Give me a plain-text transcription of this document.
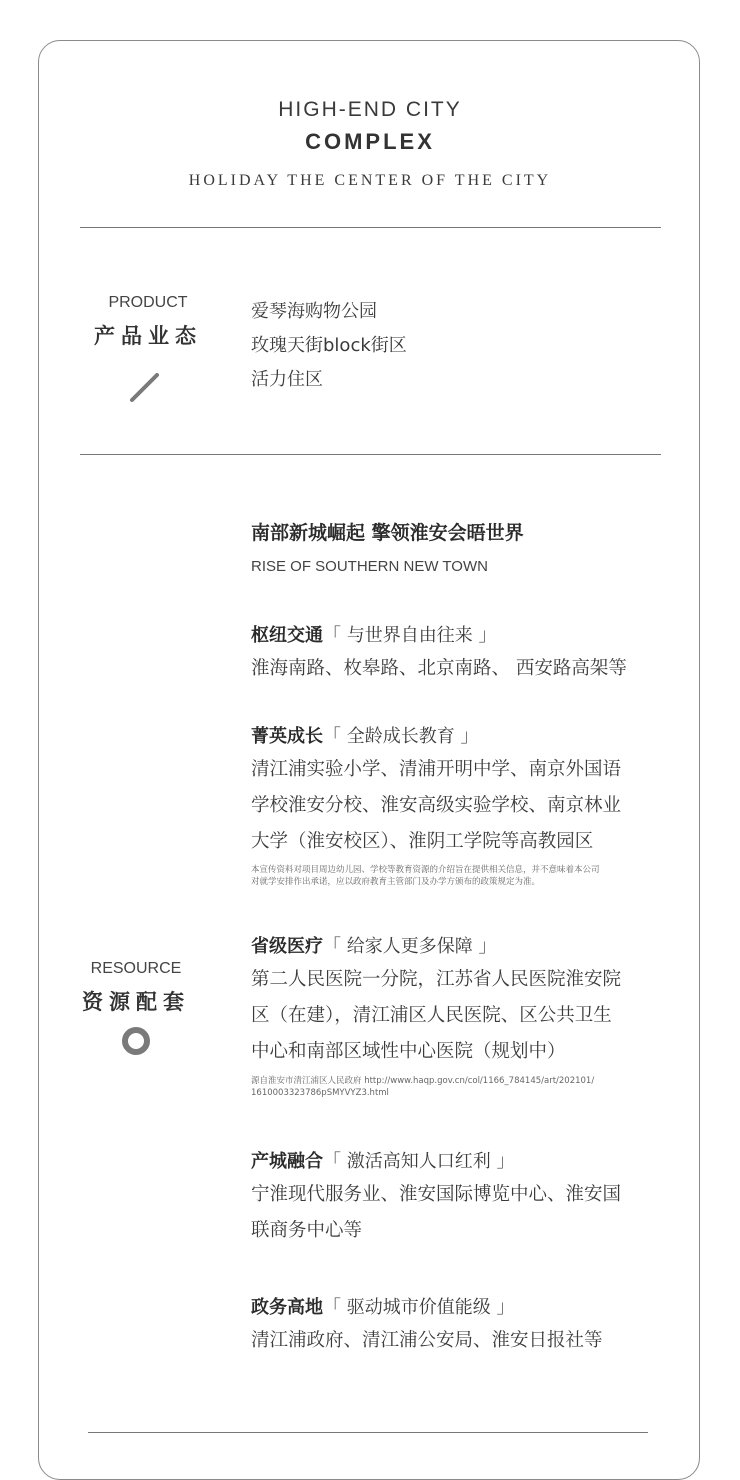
HIGH-END CITY
COMPLEX
HOLIDAY THE CENTER OF THE CITY
PRODUCT
产品业态
爱琴海购物公园
玫瑰天街block街区
活力住区
南部新城崛起 擎领淮安会晤世界
RISE OF SOUTHERN NEW TOWN
枢纽交通「 与世界自由往来 」
淮海南路、枚皋路、北京南路、 西安路高架等
菁英成长「 全龄成长教育 」
清江浦实验小学、清浦开明中学、南京外国语
学校淮安分校、淮安高级实验学校、南京林业
大学（淮安校区）、淮阴工学院等高教园区
本宣传资料对项目周边幼儿园、学校等教育资源的介绍旨在提供相关信息，并不意味着本公司
对就学安排作出承诺，应以政府教育主管部门及办学方颁布的政策规定为准。
省级医疗「 给家人更多保障 」
第二人民医院一分院，江苏省人民医院淮安院
区（在建），清江浦区人民医院、区公共卫生
中心和南部区域性中心医院（规划中）
源自淮安市清江浦区人民政府 http://www.haqp.gov.cn/col/1166_784145/art/202101/
1610003323786pSMYVYZ3.html
RESOURCE
资源配套
产城融合「 激活高知人口红利 」
宁淮现代服务业、淮安国际博览中心、淮安国
联商务中心等
政务高地「 驱动城市价值能级 」
清江浦政府、清江浦公安局、淮安日报社等
